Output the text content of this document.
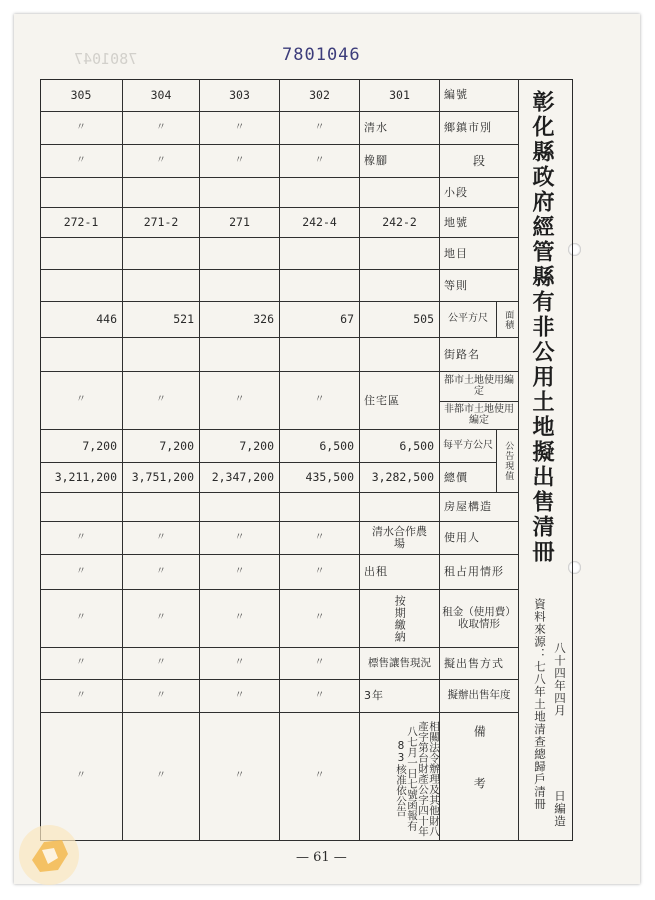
7801047	7801046
編號
鄉鎮市別
段
小段
地號
地目
等則
公平方尺 面積
街路名
都市土地使用編定
非都市土地使用編定
每平方公尺 公告現值
總價
房屋構造
使用人
租占用情形
租金（使用費）收取情形
擬出售方式
擬辦出售年度
備考
301
302
303
304
305
清水
〃
〃
〃
〃
橡腳
〃
〃
〃
〃
242-2
242-4
271
271-2
272-1
505
67
326
521
446
住宅區
〃
〃
〃
〃
6,500
6,500
7,200
7,200
7,200
3,282,500
435,500
2,347,200
3,751,200
3,211,200
清水合作農場
〃
〃
〃
〃
出租
〃
〃
〃
〃
按期繳納
〃
〃
〃
〃
標售讓售現況
〃
〃
〃
〃
3年
〃
〃
〃
〃
相關法令辦理及其他財八產字第台財產公字四十年八七月一日七號函報有83核准依公告
〃
〃
〃
〃
彰化縣政府經管縣有非公用土地擬出售清冊
資料來源：七八年土地清查總歸戶清冊 八十四年四月
日編造
— 61 —
